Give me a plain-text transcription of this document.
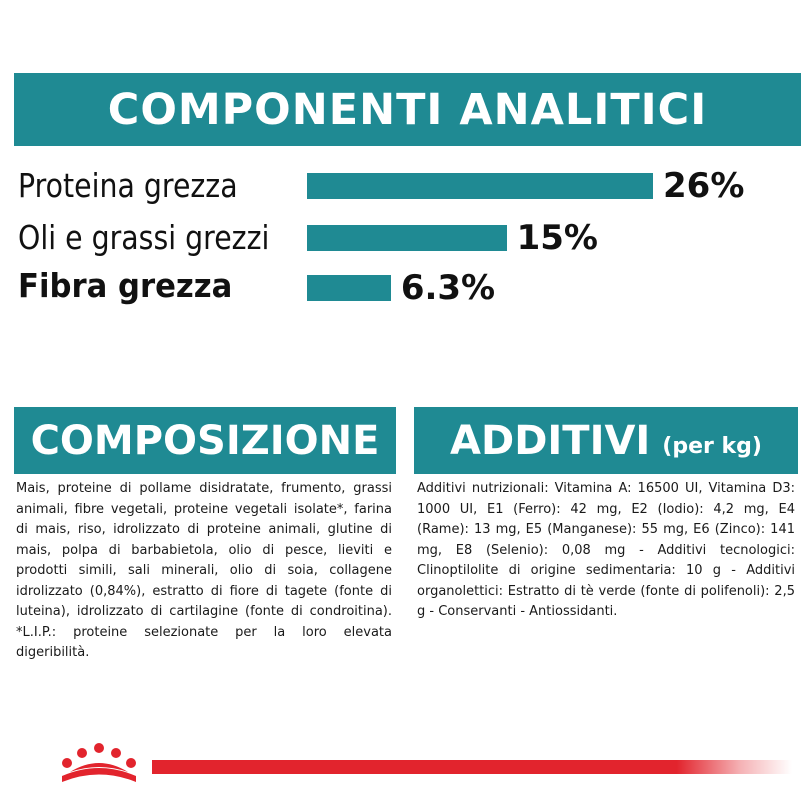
COMPONENTI ANALITICI
Proteina grezza	26%
Oli e grassi grezzi	15%
Fibra grezza	6.3%
COMPOSIZIONE

Mais, proteine di pollame disidratate, frumento, grassi animali, fibre vegetali, proteine vegetali isolate*, farina di mais, riso, idrolizzato di proteine animali, glutine di mais, polpa di barbabietola, olio di pesce, lieviti e prodotti simili, sali minerali, olio di soia, collagene idrolizzato (0,84%), estratto di fiore di tagete (fonte di luteina), idrolizzato di cartilagine (fonte di condroitina). *L.I.P.: proteine selezionate per la loro elevata digeribilità.

ADDITIVI (per kg)

Additivi nutrizionali: Vitamina A: 16500 UI, Vitamina D3: 1000 UI, E1 (Ferro): 42 mg, E2 (Iodio): 4,2 mg, E4 (Rame): 13 mg, E5 (Manganese): 55 mg, E6 (Zinco): 141 mg, E8 (Selenio): 0,08 mg - Additivi tecnologici: Clinoptilolite di origine sedimentaria: 10 g - Additivi organolettici: Estratto di tè verde (fonte di polifenoli): 2,5 g - Conservanti - Antiossidanti.
